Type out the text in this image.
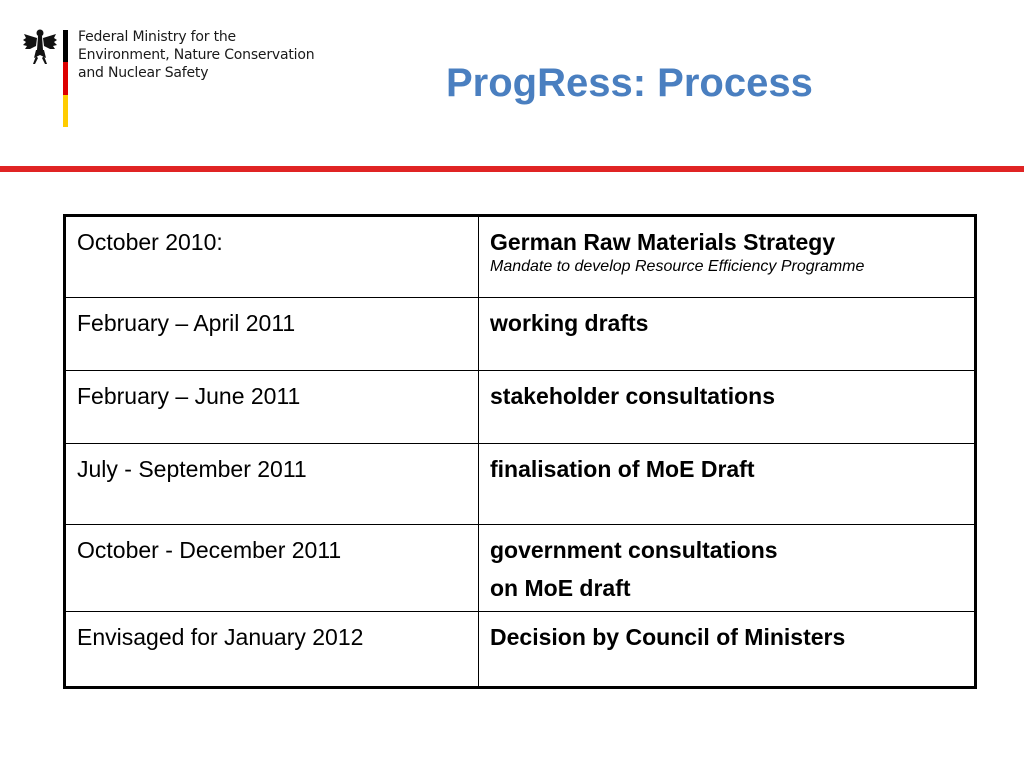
Federal Ministry for the
Environment, Nature Conservation
and Nuclear Safety	ProgRess: Process
October 2010:	German Raw Materials Strategy
Mandate to develop Resource Efficiency Programme

February – April 2011	working drafts
February – June 2011	stakeholder consultations
July - September 2011	finalisation of MoE Draft
October - December 2011	government consultations
on MoE draft

Envisaged for January 2012	Decision by Council of Ministers
